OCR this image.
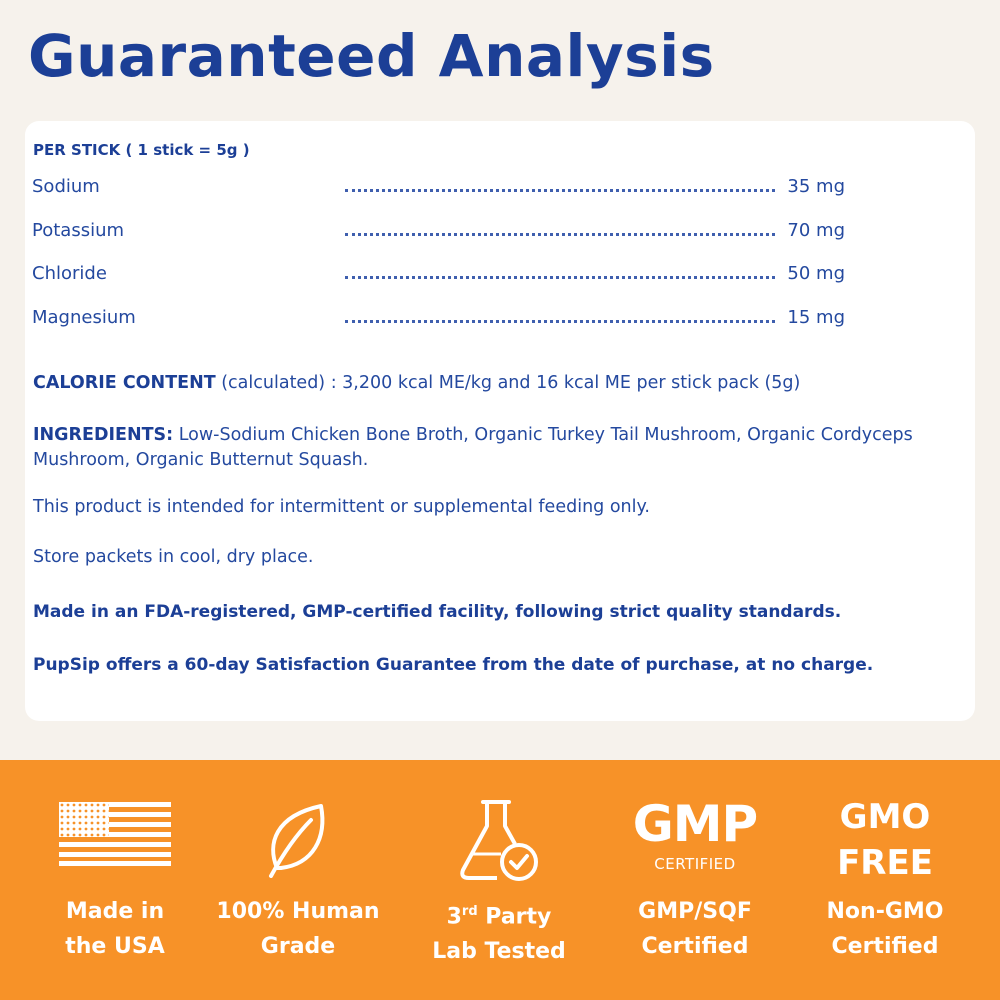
Guaranteed Analysis
PER STICK ( 1 stick = 5g )
Sodium	35 mg
Potassium	70 mg
Chloride	50 mg
Magnesium	15 mg

CALORIE CONTENT (calculated) : 3,200 kcal ME/kg and 16 kcal ME per stick pack (5g)

INGREDIENTS: Low-Sodium Chicken Bone Broth, Organic Turkey Tail Mushroom, Organic Cordyceps Mushroom, Organic Butternut Squash.

This product is intended for intermittent or supplemental feeding only.

Store packets in cool, dry place.

Made in an FDA-registered, GMP-certified facility, following strict quality standards.

PupSip offers a 60-day Satisfaction Guarantee from the date of purchase, at no charge.

Made in
the USA
100% Human
Grade
3rd Party
Lab Tested
GMP
CERTIFIED
GMP/SQF
Certified
GMO
FREE
Non-GMO
Certified
